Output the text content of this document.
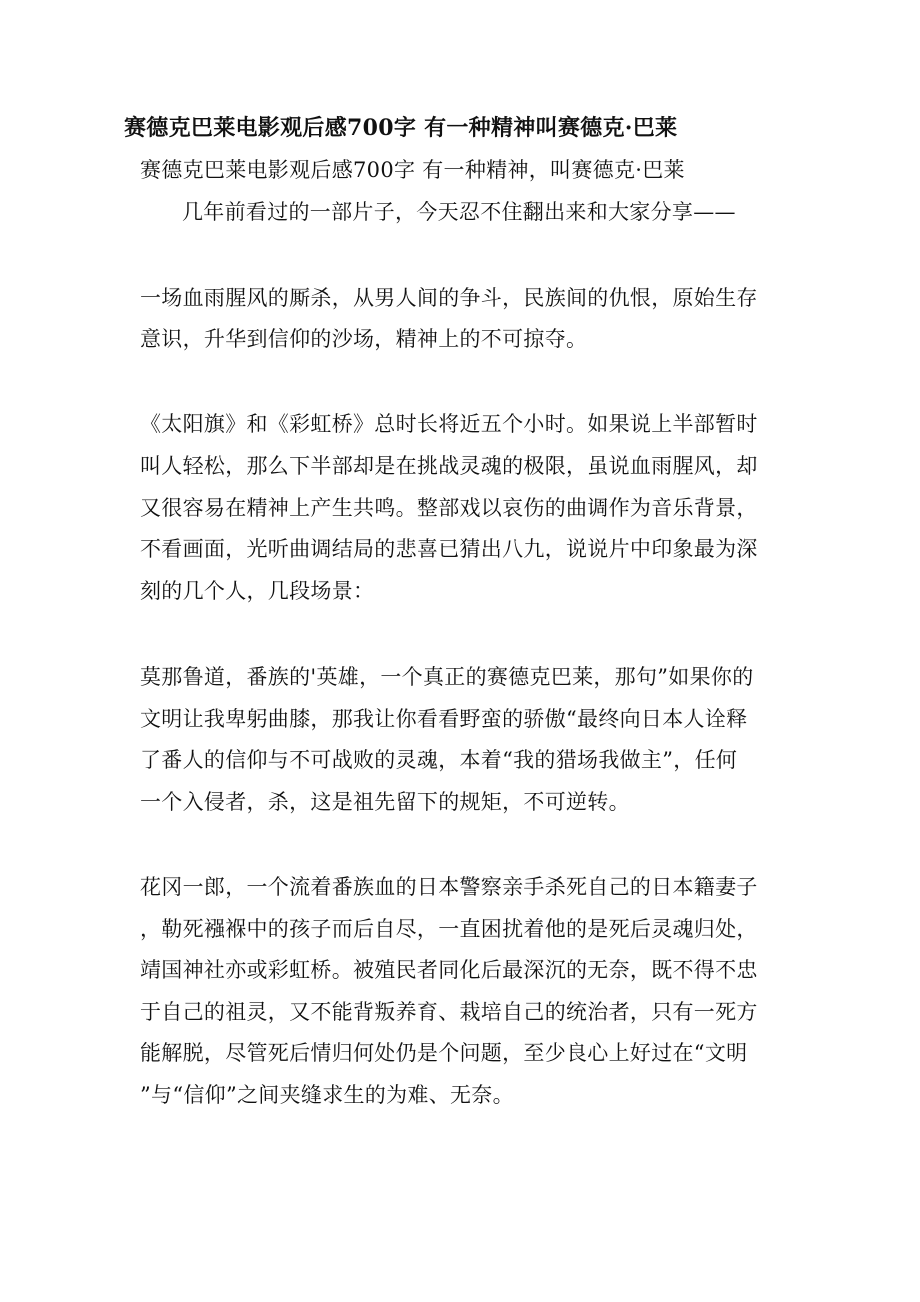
赛德克巴莱电影观后感700字 有一种精神叫赛德克·巴莱
赛德克巴莱电影观后感700字 有一种精神，叫赛德克·巴莱
几年前看过的一部片子，今天忍不住翻出来和大家分享——
一场血雨腥风的厮杀，从男人间的争斗，民族间的仇恨，原始生存
意识，升华到信仰的沙场，精神上的不可掠夺。
《太阳旗》和《彩虹桥》总时长将近五个小时。如果说上半部暂时
叫人轻松，那么下半部却是在挑战灵魂的极限，虽说血雨腥风，却
又很容易在精神上产生共鸣。整部戏以哀伤的曲调作为音乐背景，
不看画面，光听曲调结局的悲喜已猜出八九，说说片中印象最为深
刻的几个人，几段场景：
莫那鲁道，番族的'英雄，一个真正的赛德克巴莱，那句”如果你的
文明让我卑躬曲膝，那我让你看看野蛮的骄傲“最终向日本人诠释
了番人的信仰与不可战败的灵魂，本着“我的猎场我做主”，任何
一个入侵者，杀，这是祖先留下的规矩，不可逆转。
花冈一郎，一个流着番族血的日本警察亲手杀死自己的日本籍妻子
，勒死襁褓中的孩子而后自尽，一直困扰着他的是死后灵魂归处，
靖国神社亦或彩虹桥。被殖民者同化后最深沉的无奈，既不得不忠
于自己的祖灵，又不能背叛养育、栽培自己的统治者，只有一死方
能解脱，尽管死后情归何处仍是个问题，至少良心上好过在“文明
”与“信仰”之间夹缝求生的为难、无奈。
